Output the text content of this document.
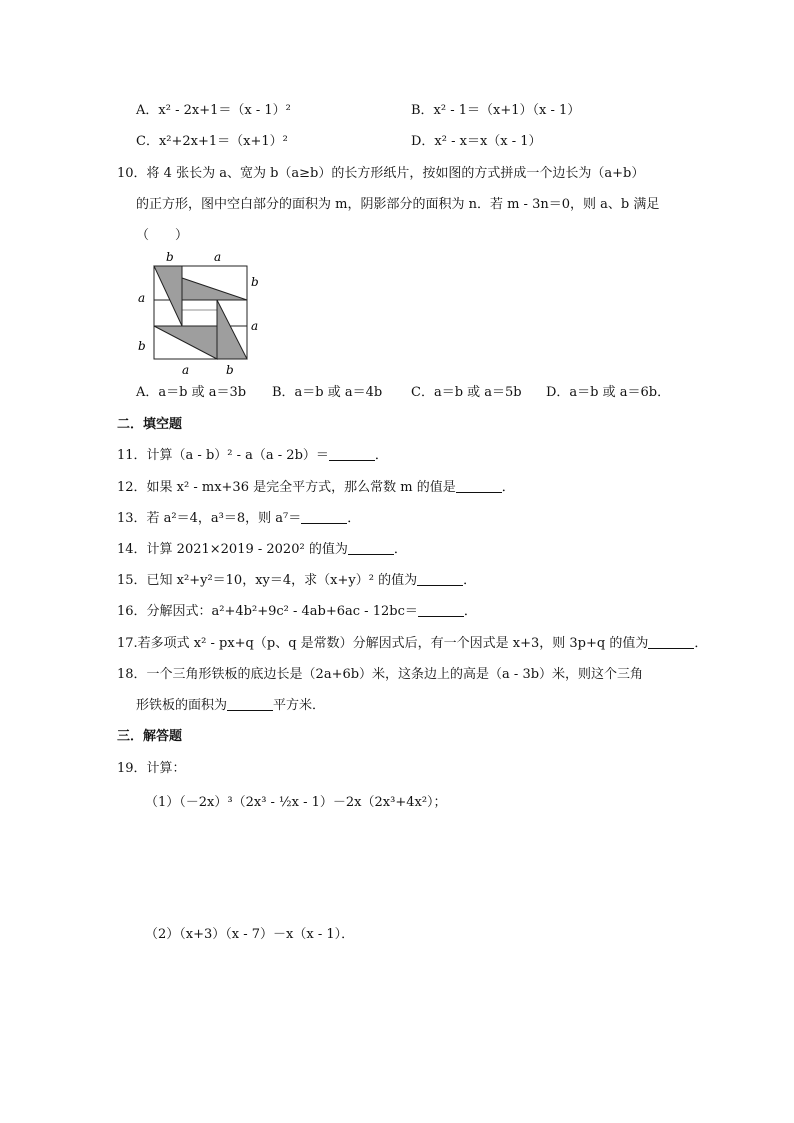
A．x² - 2x+1＝（x - 1）²	B．x² - 1＝（x+1）（x - 1）
C．x²+2x+1＝（x+1）²	D．x² - x＝x（x - 1）
10．将 4 张长为 a、宽为 b（a≥b）的长方形纸片，按如图的方式拼成一个边长为（a+b）
的正方形，图中空白部分的面积为 m，阴影部分的面积为 n．若 m - 3n＝0，则 a、b 满足
（　　）
b	a
b
a
a
b
a	b
A．a＝b 或 a＝3b B．a＝b 或 a＝4b C．a＝b 或 a＝5b D．a＝b 或 a＝6b．
二．填空题
11．计算（a - b）² - a（a - 2b）＝	．
12．如果 x² - mx+36 是完全平方式，那么常数 m 的值是	．
13．若 a²＝4，a³＝8，则 a⁷＝	．
14．计算 2021×2019 - 2020² 的值为	．
15．已知 x²+y²＝10，xy＝4，求（x+y）² 的值为	．
16．分解因式：a²+4b²+9c² - 4ab+6ac - 12bc＝	．
17.若多项式 x² - px+q（p、q 是常数）分解因式后，有一个因式是 x+3，则 3p+q 的值为	．
18．一个三角形铁板的底边长是（2a+6b）米，这条边上的高是（a - 3b）米，则这个三角
形铁板的面积为	平方米．
三．解答题
19．计算：
（1）（－2x）³（2x³ - ½x - 1）－2x（2x³+4x²）；
（2）（x+3）（x - 7）－x（x - 1）．
